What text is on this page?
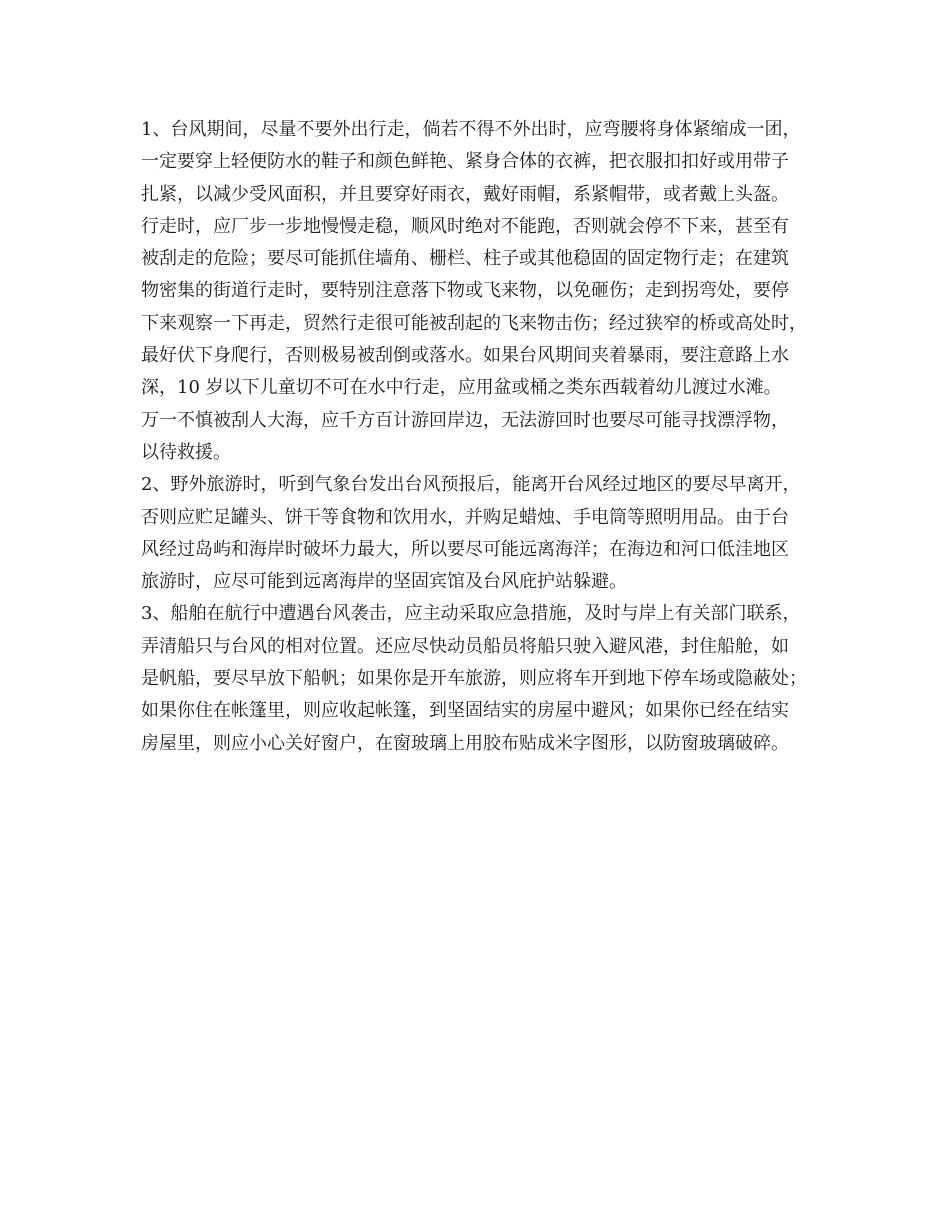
1、台风期间，尽量不要外出行走，倘若不得不外出时，应弯腰将身体紧缩成一团，
一定要穿上轻便防水的鞋子和颜色鲜艳、紧身合体的衣裤，把衣服扣扣好或用带子
扎紧，以减少受风面积，并且要穿好雨衣，戴好雨帽，系紧帽带，或者戴上头盔。
行走时，应厂步一步地慢慢走稳，顺风时绝对不能跑，否则就会停不下来，甚至有
被刮走的危险；要尽可能抓住墙角、栅栏、柱子或其他稳固的固定物行走；在建筑
物密集的街道行走时，要特别注意落下物或飞来物，以免砸伤；走到拐弯处，要停
下来观察一下再走，贸然行走很可能被刮起的飞来物击伤；经过狭窄的桥或高处时，
最好伏下身爬行，否则极易被刮倒或落水。如果台风期间夹着暴雨，要注意路上水
深，10 岁以下儿童切不可在水中行走，应用盆或桶之类东西载着幼儿渡过水滩。
万一不慎被刮人大海，应千方百计游回岸边，无法游回时也要尽可能寻找漂浮物，
以待救援。
2、野外旅游时，听到气象台发出台风预报后，能离开台风经过地区的要尽早离开，
否则应贮足罐头、饼干等食物和饮用水，并购足蜡烛、手电筒等照明用品。由于台
风经过岛屿和海岸时破坏力最大，所以要尽可能远离海洋；在海边和河口低洼地区
旅游时，应尽可能到远离海岸的坚固宾馆及台风庇护站躲避。
3、船舶在航行中遭遇台风袭击，应主动采取应急措施，及时与岸上有关部门联系，
弄清船只与台风的相对位置。还应尽快动员船员将船只驶入避风港，封住船舱，如
是帆船，要尽早放下船帆；如果你是开车旅游，则应将车开到地下停车场或隐蔽处；
如果你住在帐篷里，则应收起帐篷，到坚固结实的房屋中避风；如果你已经在结实
房屋里，则应小心关好窗户，在窗玻璃上用胶布贴成米字图形，以防窗玻璃破碎。
